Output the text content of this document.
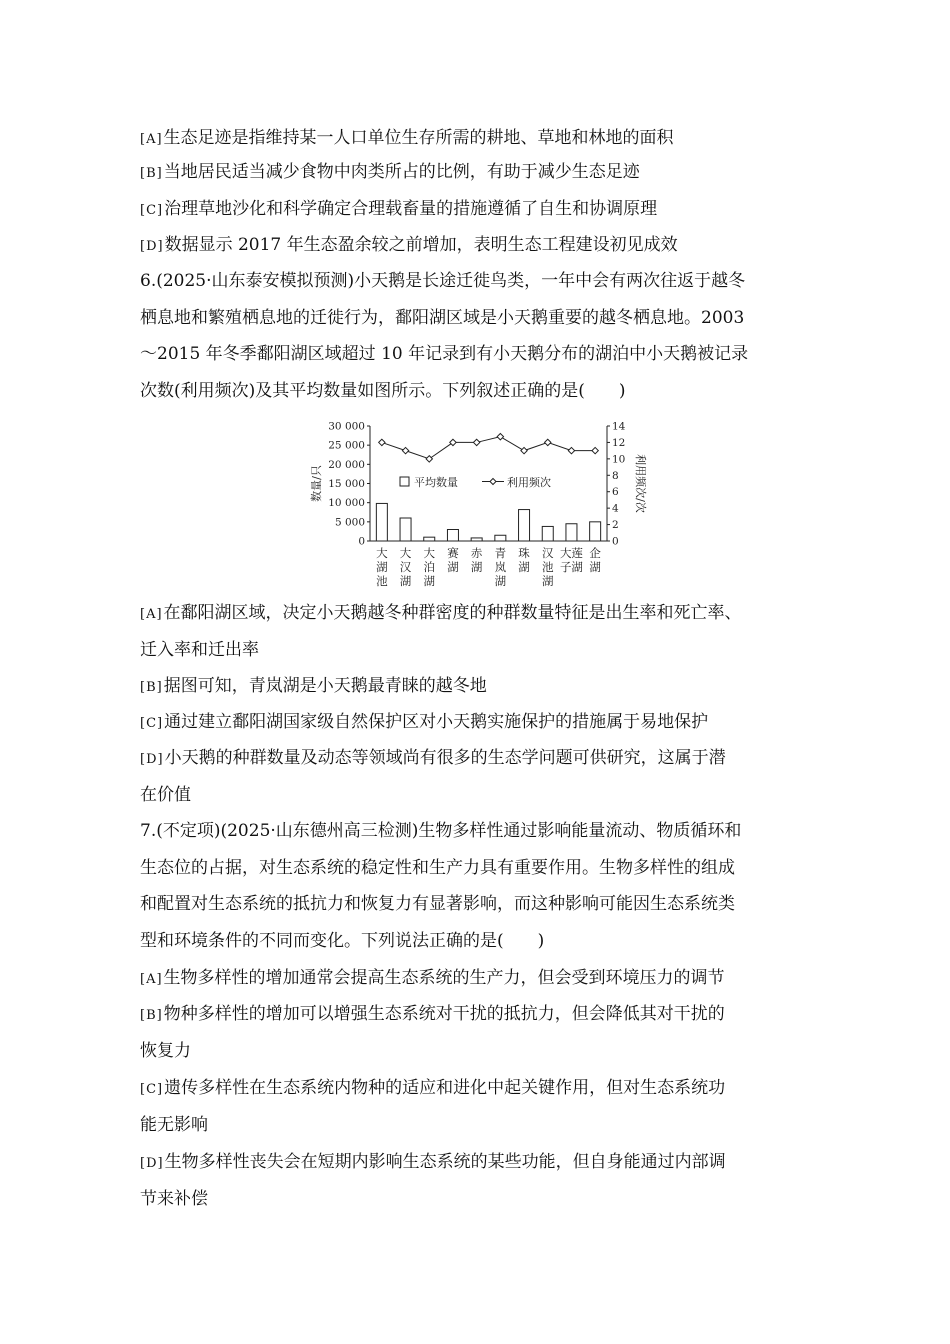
[A]生态足迹是指维持某一人口单位生存所需的耕地、草地和林地的面积
[B]当地居民适当减少食物中肉类所占的比例，有助于减少生态足迹
[C]治理草地沙化和科学确定合理载畜量的措施遵循了自生和协调原理
[D]数据显示 2017 年生态盈余较之前增加，表明生态工程建设初见成效
6.(2025·山东泰安模拟预测)小天鹅是长途迁徙鸟类，一年中会有两次往返于越冬
栖息地和繁殖栖息地的迁徙行为，鄱阳湖区域是小天鹅重要的越冬栖息地。2003
～2015 年冬季鄱阳湖区域超过 10 年记录到有小天鹅分布的湖泊中小天鹅被记录
次数(利用频次)及其平均数量如图所示。下列叙述正确的是(　　)
[A]在鄱阳湖区域，决定小天鹅越冬种群密度的种群数量特征是出生率和死亡率、
迁入率和迁出率
[B]据图可知，青岚湖是小天鹅最青睐的越冬地
[C]通过建立鄱阳湖国家级自然保护区对小天鹅实施保护的措施属于易地保护
[D]小天鹅的种群数量及动态等领域尚有很多的生态学问题可供研究，这属于潜
在价值
7.(不定项)(2025·山东德州高三检测)生物多样性通过影响能量流动、物质循环和
生态位的占据，对生态系统的稳定性和生产力具有重要作用。生物多样性的组成
和配置对生态系统的抵抗力和恢复力有显著影响，而这种影响可能因生态系统类
型和环境条件的不同而变化。下列说法正确的是(　　)
[A]生物多样性的增加通常会提高生态系统的生产力，但会受到环境压力的调节
[B]物种多样性的增加可以增强生态系统对干扰的抵抗力，但会降低其对干扰的
恢复力
[C]遗传多样性在生态系统内物种的适应和进化中起关键作用，但对生态系统功
能无影响
[D]生物多样性丧失会在短期内影响生态系统的某些功能，但自身能通过内部调
节来补偿
0
5 000
10 000
15 000
20 000
25 000
30 000
0
2
4
6
8
10
12
14
数量/只	利用频次/次
平均数量	利用频次
大
湖
池
大
汉
湖
大
泊
湖
赛
湖
赤
湖
青
岚
湖
珠
湖
汉
池
湖
大莲
子湖
企
湖
